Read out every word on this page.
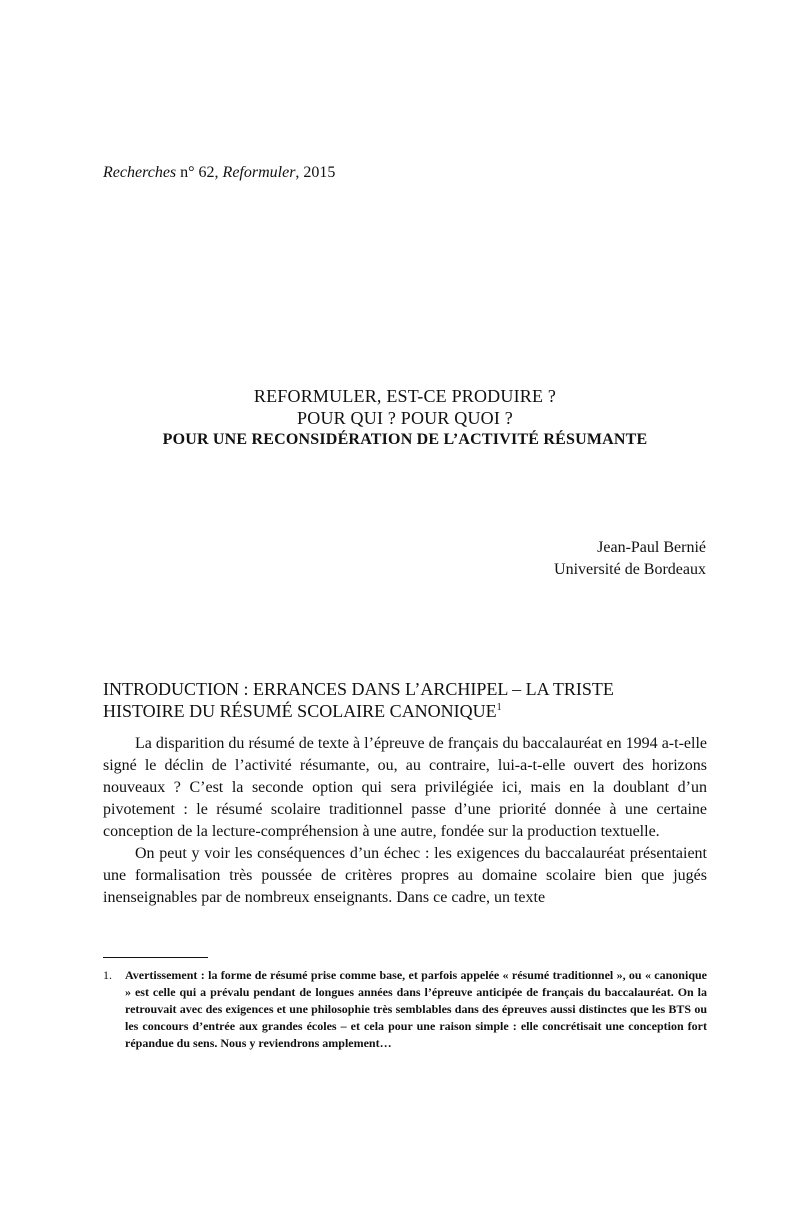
Recherches n° 62, Reformuler, 2015
REFORMULER, EST-CE PRODUIRE ?
POUR QUI ? POUR QUOI ?
POUR UNE RECONSIDÉRATION DE L’ACTIVITÉ RÉSUMANTE
Jean-Paul Bernié
Université de Bordeaux
INTRODUCTION : ERRANCES DANS L’ARCHIPEL – LA TRISTE
HISTOIRE DU RÉSUMÉ SCOLAIRE CANONIQUE$^1$

La disparition du résumé de texte à l’épreuve de français du baccalauréat en 1994 a-t-elle signé le déclin de l’activité résumante, ou, au contraire, lui-a-t-elle ouvert des horizons nouveaux ? C’est la seconde option qui sera privilégiée ici, mais en la doublant d’un pivotement : le résumé scolaire traditionnel passe d’une priorité donnée à une certaine conception de la lecture-compréhension à une autre, fondée sur la production textuelle.

On peut y voir les conséquences d’un échec : les exigences du baccalauréat présentaient une formalisation très poussée de critères propres au domaine scolaire bien que jugés inenseignables par de nombreux enseignants. Dans ce cadre, un texte

1. Avertissement : la forme de résumé prise comme base, et parfois appelée « résumé traditionnel », ou « canonique » est celle qui a prévalu pendant de longues années dans l’épreuve anticipée de français du baccalauréat. On la retrouvait avec des exigences et une philosophie très semblables dans des épreuves aussi distinctes que les BTS ou les concours d’entrée aux grandes écoles – et cela pour une raison simple : elle concrétisait une conception fort répandue du sens. Nous y reviendrons amplement…
